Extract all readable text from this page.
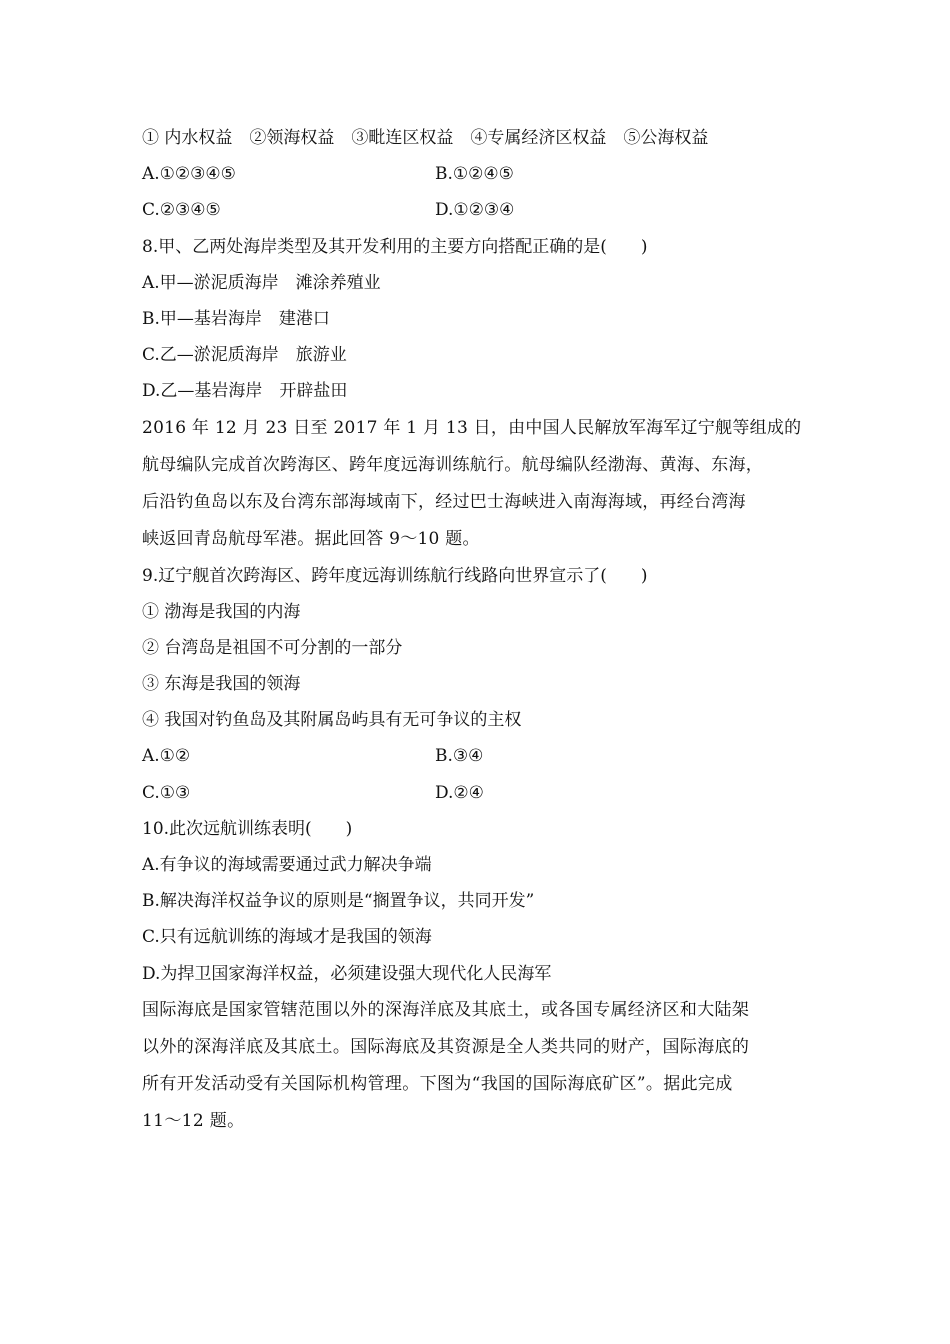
① 内水权益　②领海权益　③毗连区权益　④专属经济区权益　⑤公海权益
A.①②③④⑤	B.①②④⑤
C.②③④⑤	D.①②③④
8.甲、乙两处海岸类型及其开发利用的主要方向搭配正确的是(　　)
A.甲—淤泥质海岸　滩涂养殖业
B.甲—基岩海岸　建港口
C.乙—淤泥质海岸　旅游业
D.乙—基岩海岸　开辟盐田
2016 年 12 月 23 日至 2017 年 1 月 13 日，由中国人民解放军海军辽宁舰等组成的
航母编队完成首次跨海区、跨年度远海训练航行。航母编队经渤海、黄海、东海，
后沿钓鱼岛以东及台湾东部海域南下，经过巴士海峡进入南海海域，再经台湾海
峡返回青岛航母军港。据此回答 9～10 题。
9.辽宁舰首次跨海区、跨年度远海训练航行线路向世界宣示了(　　)
① 渤海是我国的内海
② 台湾岛是祖国不可分割的一部分
③ 东海是我国的领海
④ 我国对钓鱼岛及其附属岛屿具有无可争议的主权
A.①②	B.③④
C.①③	D.②④
10.此次远航训练表明(　　)
A.有争议的海域需要通过武力解决争端
B.解决海洋权益争议的原则是“搁置争议，共同开发”
C.只有远航训练的海域才是我国的领海
D.为捍卫国家海洋权益，必须建设强大现代化人民海军
国际海底是国家管辖范围以外的深海洋底及其底土，或各国专属经济区和大陆架
以外的深海洋底及其底土。国际海底及其资源是全人类共同的财产，国际海底的
所有开发活动受有关国际机构管理。下图为“我国的国际海底矿区”。据此完成
11～12 题。
